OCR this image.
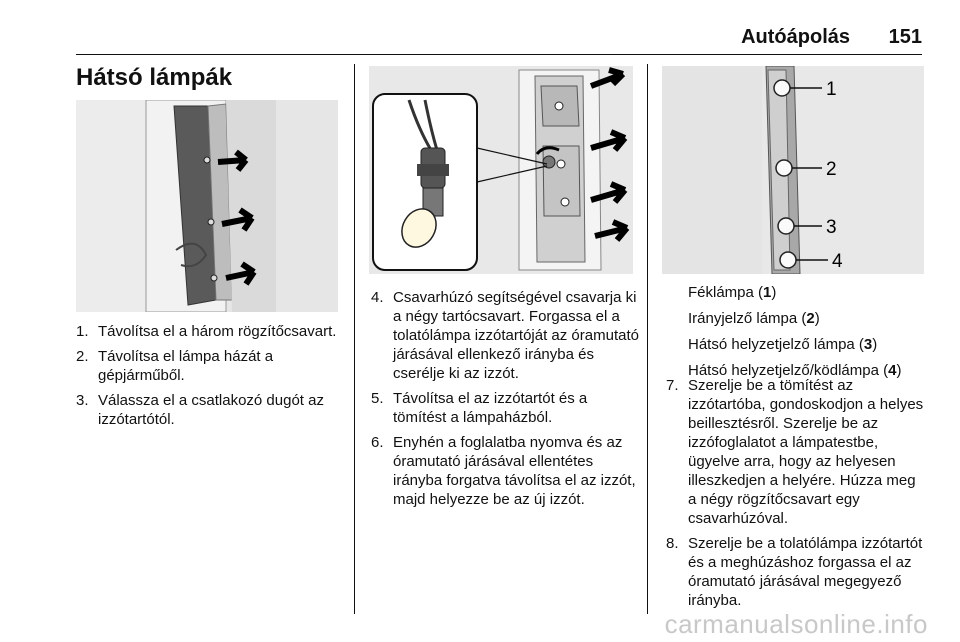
Autóápolás 151
Hátsó lámpák
1. Távolítsa el a három rögzítőcsavart.
2. Távolítsa el lámpa házát a gépjárműből.
3. Válassza el a csatlakozó dugót az izzótartótól.
4. Csavarhúzó segítségével csavarja ki a négy tartócsavart. Forgassa el a tolatólámpa izzótartóját az óramutató járásával ellenkező irányba és cserélje ki az izzót.
5. Távolítsa el az izzótartót és a tömítést a lámpaházból.
6. Enyhén a foglalatba nyomva és az óramutató járásával ellentétes irányba forgatva távolítsa el az izzót, majd helyezze be az új izzót.
1
2
3
4
Féklámpa (1)
Irányjelző lámpa (2)
Hátsó helyzetjelző lámpa (3)
Hátsó helyzetjelző/ködlámpa (4)
7. Szerelje be a tömítést az izzótartóba, gondoskodjon a helyes beillesztésről. Szerelje be az izzófoglalatot a lámpatestbe, ügyelve arra, hogy az helyesen illeszkedjen a helyére. Húzza meg a négy rögzítőcsavart egy csavarhúzóval.
8. Szerelje be a tolatólámpa izzótartót és a meghúzáshoz forgassa el az óramutató járásával megegyező irányba.
carmanualsonline.info
